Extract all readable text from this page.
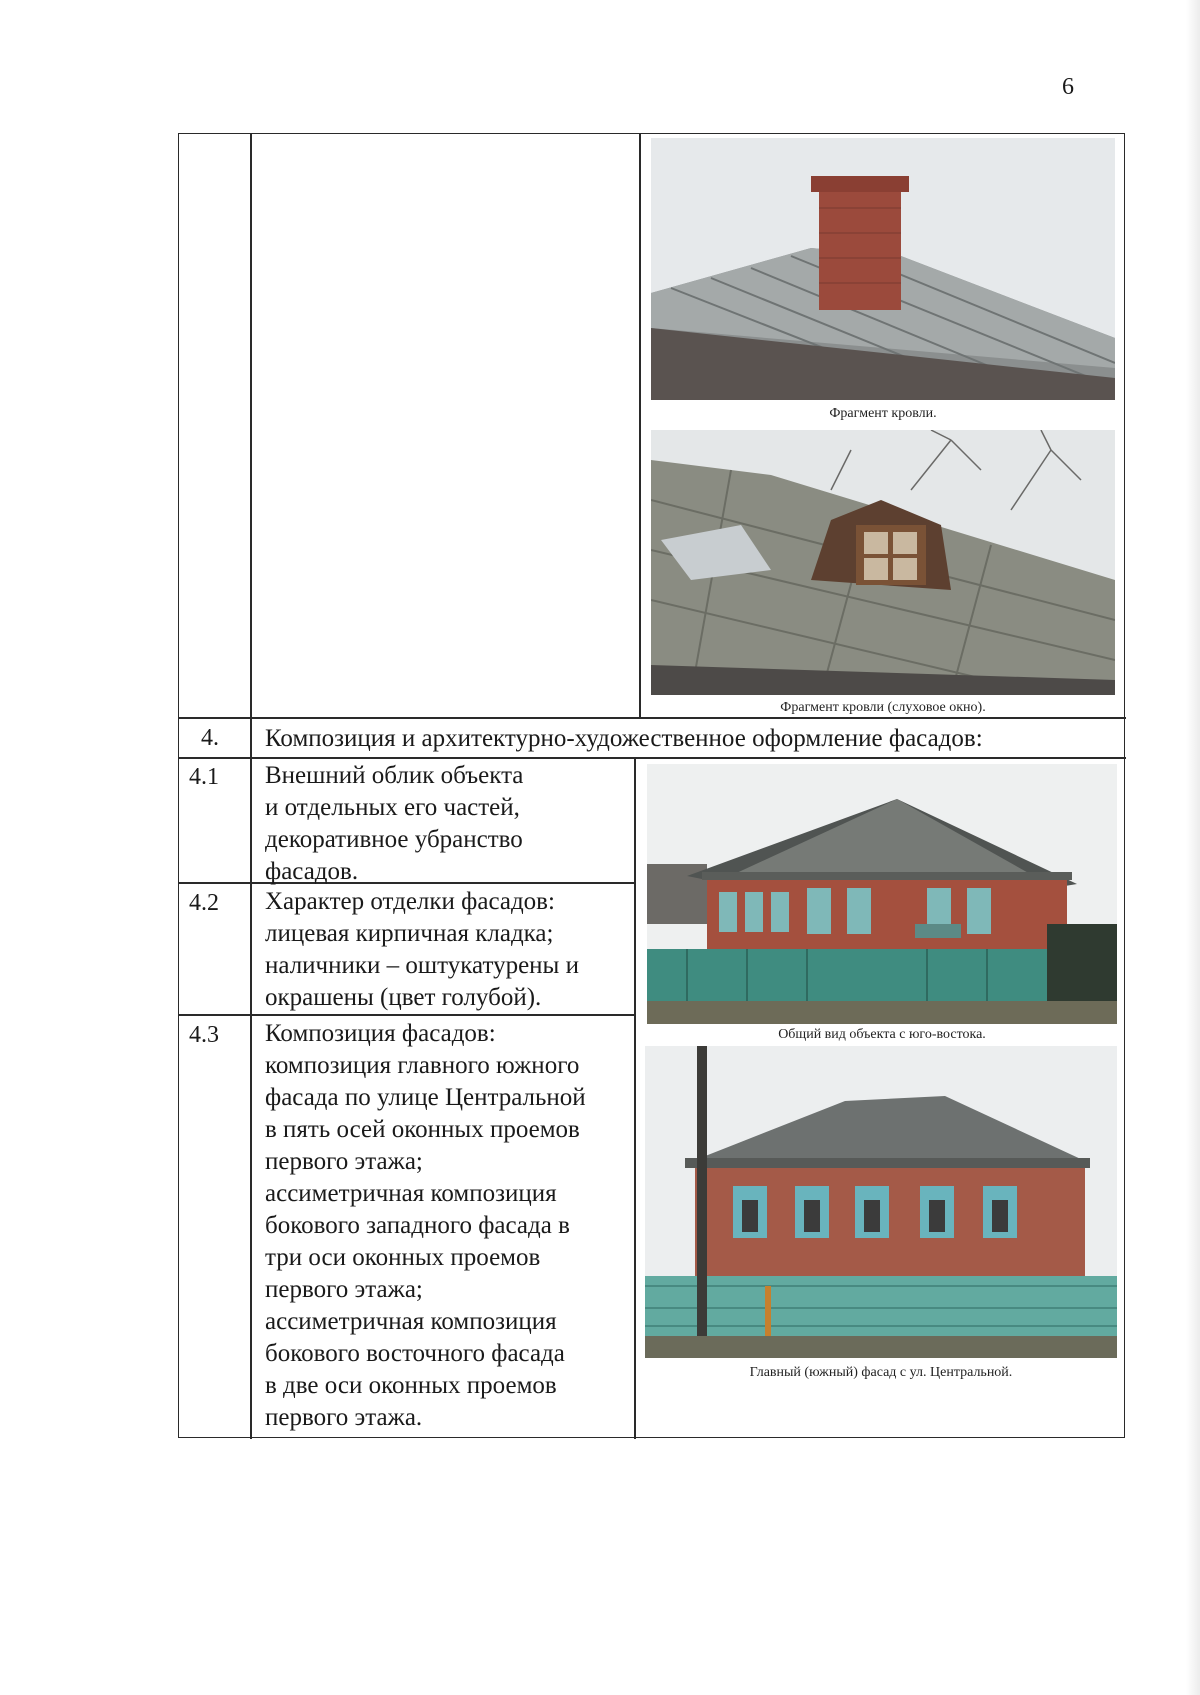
6
4. Композиция и архитектурно-художественное оформление фасадов:
4.1 Внешний облик объекта
и отдельных его частей,
декоративное убранство
фасадов.
4.2 Характер отделки фасадов:
лицевая кирпичная кладка;
наличники – оштукатурены и
окрашены (цвет голубой).
4.3 Композиция фасадов:
композиция главного южного
фасада по улице Центральной
в пять осей оконных проемов
первого этажа;
ассиметричная композиция
бокового западного фасада в
три оси оконных проемов
первого этажа;
ассиметричная композиция
бокового восточного фасада
в две оси оконных проемов
первого этажа.
Фрагмент кровли.
Фрагмент кровли (слуховое окно).
Общий вид объекта с юго-востока.
Главный (южный) фасад с ул. Центральной.
